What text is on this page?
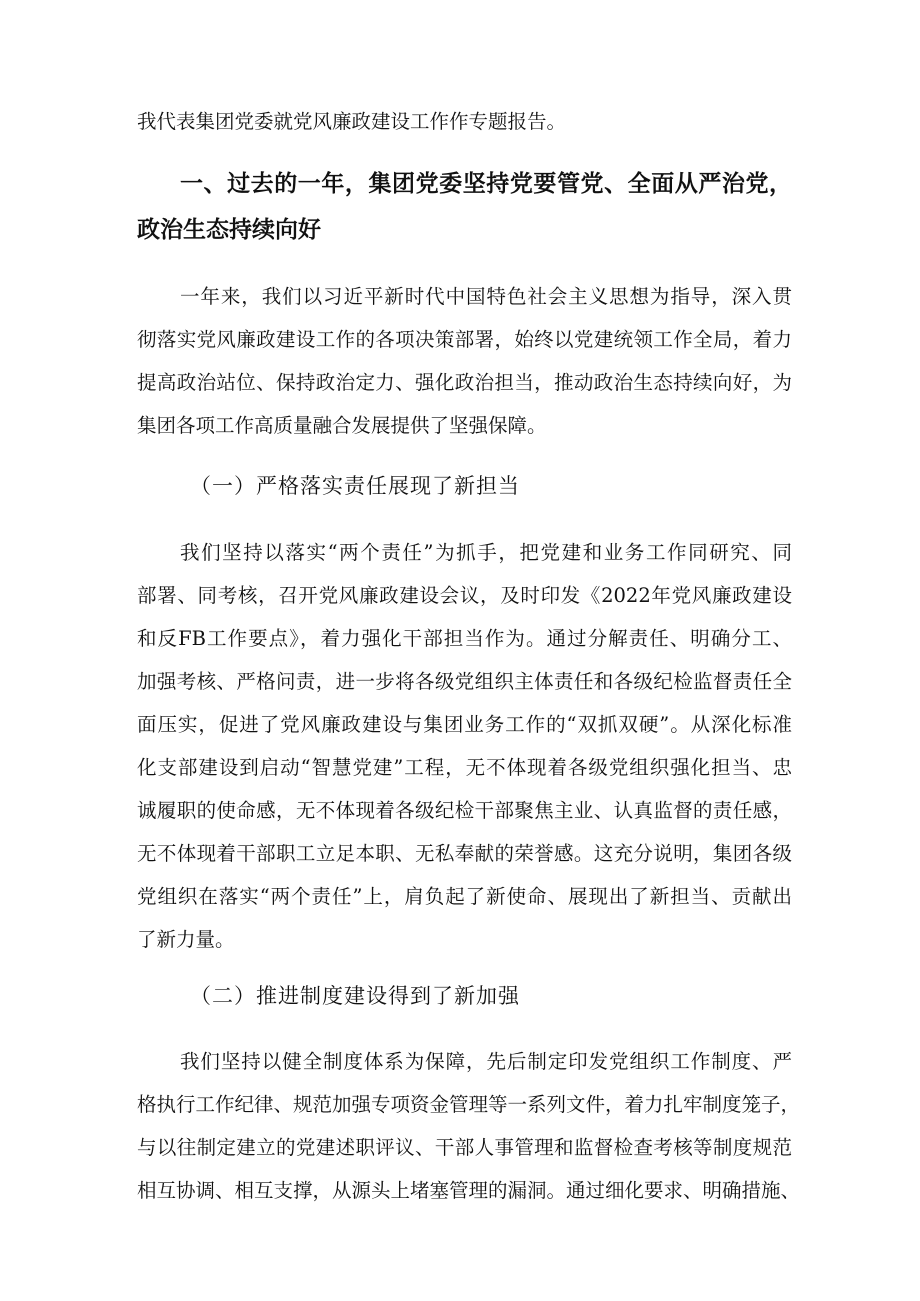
我代表集团党委就党风廉政建设工作作专题报告。
一、过去的一年，集团党委坚持党要管党、全面从严治党，
政治生态持续向好
一年来，我们以习近平新时代中国特色社会主义思想为指导，深入贯
彻落实党风廉政建设工作的各项决策部署，始终以党建统领工作全局，着力
提高政治站位、保持政治定力、强化政治担当，推动政治生态持续向好，为
集团各项工作高质量融合发展提供了坚强保障。
（一）严格落实责任展现了新担当
我们坚持以落实“两个责任”为抓手，把党建和业务工作同研究、同
部署、同考核，召开党风廉政建设会议，及时印发《2022年党风廉政建设
和反FB工作要点》，着力强化干部担当作为。通过分解责任、明确分工、
加强考核、严格问责，进一步将各级党组织主体责任和各级纪检监督责任全
面压实，促进了党风廉政建设与集团业务工作的“双抓双硬”。从深化标准
化支部建设到启动“智慧党建”工程，无不体现着各级党组织强化担当、忠
诚履职的使命感，无不体现着各级纪检干部聚焦主业、认真监督的责任感，
无不体现着干部职工立足本职、无私奉献的荣誉感。这充分说明，集团各级
党组织在落实“两个责任”上，肩负起了新使命、展现出了新担当、贡献出
了新力量。
（二）推进制度建设得到了新加强
我们坚持以健全制度体系为保障，先后制定印发党组织工作制度、严
格执行工作纪律、规范加强专项资金管理等一系列文件，着力扎牢制度笼子，
与以往制定建立的党建述职评议、干部人事管理和监督检查考核等制度规范
相互协调、相互支撑，从源头上堵塞管理的漏洞。通过细化要求、明确措施、
